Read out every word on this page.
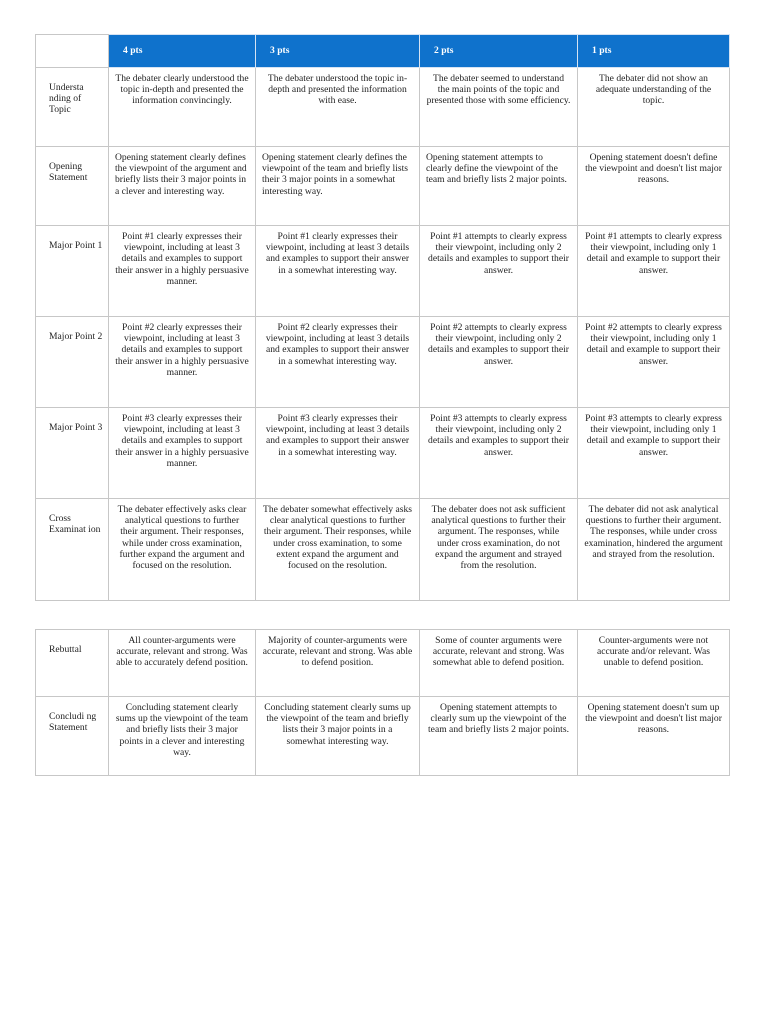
	4 pts	3 pts	2 pts	1 pts
Understa nding of Topic	The debater clearly understood the topic in-depth and presented the information convincingly.	The debater understood the topic in-depth and presented the information with ease.	The debater seemed to understand the main points of the topic and presented those with some efficiency.	The debater did not show an adequate understanding of the topic.
Opening Statement	Opening statement clearly defines the viewpoint of the argument and briefly lists their 3 major points in a clever and interesting way.	Opening statement clearly defines the viewpoint of the team and briefly lists their 3 major points in a somewhat interesting way.	Opening statement attempts to clearly define the viewpoint of the team and briefly lists 2 major points.	Opening statement doesn't define the viewpoint and doesn't list major reasons.
Major Point 1	Point #1 clearly expresses their viewpoint, including at least 3 details and examples to support their answer in a highly persuasive manner.	Point #1 clearly expresses their viewpoint, including at least 3 details and examples to support their answer in a somewhat interesting way.	Point #1 attempts to clearly express their viewpoint, including only 2 details and examples to support their answer.	Point #1 attempts to clearly express their viewpoint, including only 1 detail and example to support their answer.
Major Point 2	Point #2 clearly expresses their viewpoint, including at least 3 details and examples to support their answer in a highly persuasive manner.	Point #2 clearly expresses their viewpoint, including at least 3 details and examples to support their answer in a somewhat interesting way.	Point #2 attempts to clearly express their viewpoint, including only 2 details and examples to support their answer.	Point #2 attempts to clearly express their viewpoint, including only 1 detail and example to support their answer.
Major Point 3	Point #3 clearly expresses their viewpoint, including at least 3 details and examples to support their answer in a highly persuasive manner.	Point #3 clearly expresses their viewpoint, including at least 3 details and examples to support their answer in a somewhat interesting way.	Point #3 attempts to clearly express their viewpoint, including only 2 details and examples to support their answer.	Point #3 attempts to clearly express their viewpoint, including only 1 detail and example to support their answer.
Cross Examinat ion	The debater effectively asks clear analytical questions to further their argument. Their responses, while under cross examination, further expand the argument and focused on the resolution.	The debater somewhat effectively asks clear analytical questions to further their argument. Their responses, while under cross examination, to some extent expand the argument and focused on the resolution.	The debater does not ask sufficient analytical questions to further their argument. The responses, while under cross examination, do not expand the argument and strayed from the resolution.	The debater did not ask analytical questions to further their argument. The responses, while under cross examination, hindered the argument and strayed from the resolution.
Rebuttal	All counter-arguments were accurate, relevant and strong. Was able to accurately defend position.	Majority of counter-arguments were accurate, relevant and strong. Was able to defend position.	Some of counter arguments were accurate, relevant and strong. Was somewhat able to defend position.	Counter-arguments were not accurate and/or relevant. Was unable to defend position.
Concludi ng Statement	Concluding statement clearly sums up the viewpoint of the team and briefly lists their 3 major points in a clever and interesting way.	Concluding statement clearly sums up the viewpoint of the team and briefly lists their 3 major points in a somewhat interesting way.	Opening statement attempts to clearly sum up the viewpoint of the team and briefly lists 2 major points.	Opening statement doesn't sum up the viewpoint and doesn't list major reasons.
